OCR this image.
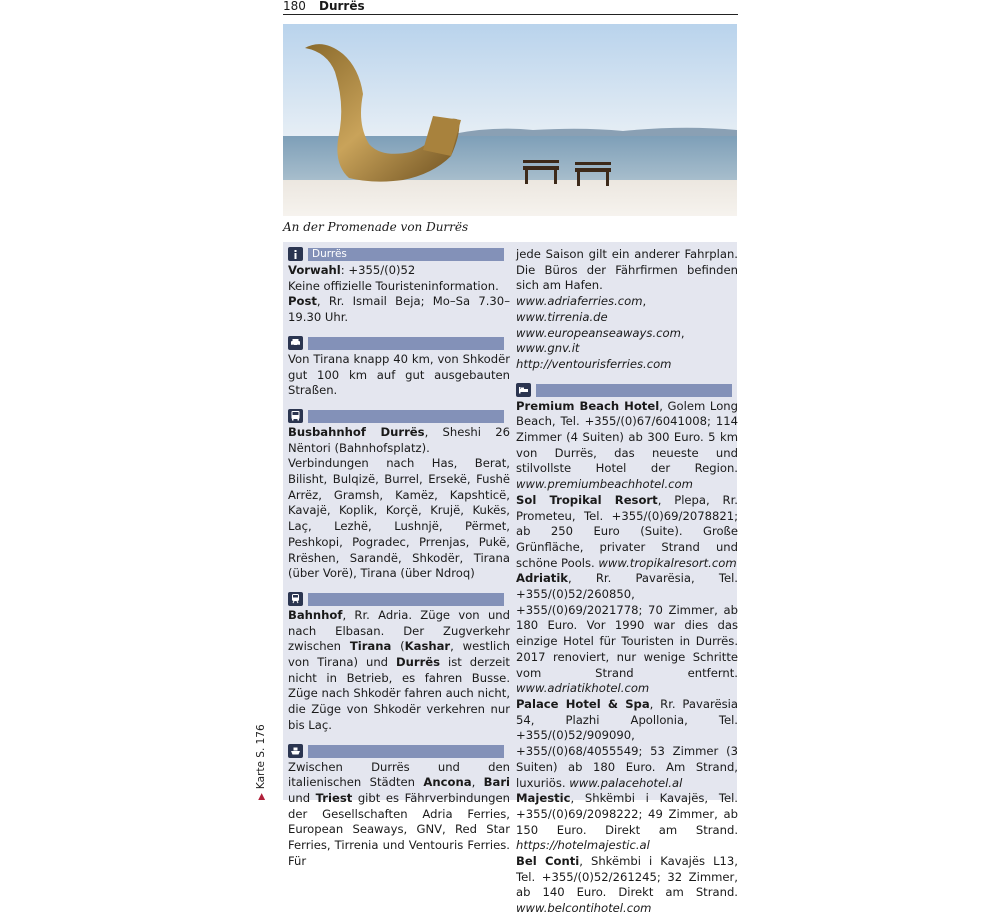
180 Durrës
An der Promenade von Durrës
▶Karte S. 176
Durrës
Vorwahl: +355/(0)52
Keine offizielle Touristeninformation.
Post, Rr. Ismail Beja; Mo–Sa 7.30–19.30 Uhr.
Von Tirana knapp 40 km, von Shkodër gut 100 km auf gut ausgebauten Straßen.
Busbahnhof Durrës, Sheshi 26 Nëntori (Bahnhofsplatz).
Verbindungen nach Has, Berat, Bilisht, Bulqizë, Burrel, Ersekë, Fushë Arrëz, Gramsh, Kamëz, Kapshticë, Kavajë, Koplik, Korçë, Krujë, Kukës, Laç, Lezhë, Lushnjë, Përmet, Peshkopi, Pogradec, Prrenjas, Pukë, Rrëshen, Sarandë, Shkodër, Tirana (über Vorë), Tirana (über Ndroq)
Bahnhof, Rr. Adria. Züge von und nach Elbasan. Der Zugverkehr zwischen Tirana (Kashar, westlich von Tirana) und Durrës ist derzeit nicht in Betrieb, es fahren Busse. Züge nach Shkodër fahren auch nicht, die Züge von Shkodër verkehren nur bis Laç.
Zwischen Durrës und den italienischen Städten Ancona, Bari und Triest gibt es Fährverbindungen der Gesellschaften Adria Ferries, European Seaways, GNV, Red Star Ferries, Tirrenia und Ventouris Ferries. Für
jede Saison gilt ein anderer Fahrplan. Die Büros der Fährfirmen befinden sich am Hafen.
www.adriaferries.com, www.tirrenia.de
www.europeanseaways.com, www.gnv.it
http://ventourisferries.com
Premium Beach Hotel, Golem Long Beach, Tel. +355/(0)67/6041008; 114 Zimmer (4 Suiten) ab 300 Euro. 5 km von Durrës, das neueste und stilvollste Hotel der Region. www.premiumbeachhotel.com
Sol Tropikal Resort, Plepa, Rr. Prometeu, Tel. +355/(0)69/2078821; ab 250 Euro (Suite). Große Grünfläche, privater Strand und schöne Pools. www.tropikalresort.com
Adriatik, Rr. Pavarësia, Tel. +355/(0)52/260850, +355/(0)69/2021778; 70 Zimmer, ab 180 Euro. Vor 1990 war dies das einzige Hotel für Touristen in Durrës. 2017 renoviert, nur wenige Schritte vom Strand entfernt. www.adriatikhotel.com
Palace Hotel & Spa, Rr. Pavarësia 54, Plazhi Apollonia, Tel. +355/(0)52/909090, +355/(0)68/4055549; 53 Zimmer (3 Suiten) ab 180 Euro. Am Strand, luxuriös. www.palacehotel.al
Majestic, Shkëmbi i Kavajës, Tel. +355/(0)69/2098222; 49 Zimmer, ab 150 Euro. Direkt am Strand. https://hotelmajestic.al
Bel Conti, Shkëmbi i Kavajës L13, Tel. +355/(0)52/261245; 32 Zimmer, ab 140 Euro. Direkt am Strand. www.belcontihotel.com
